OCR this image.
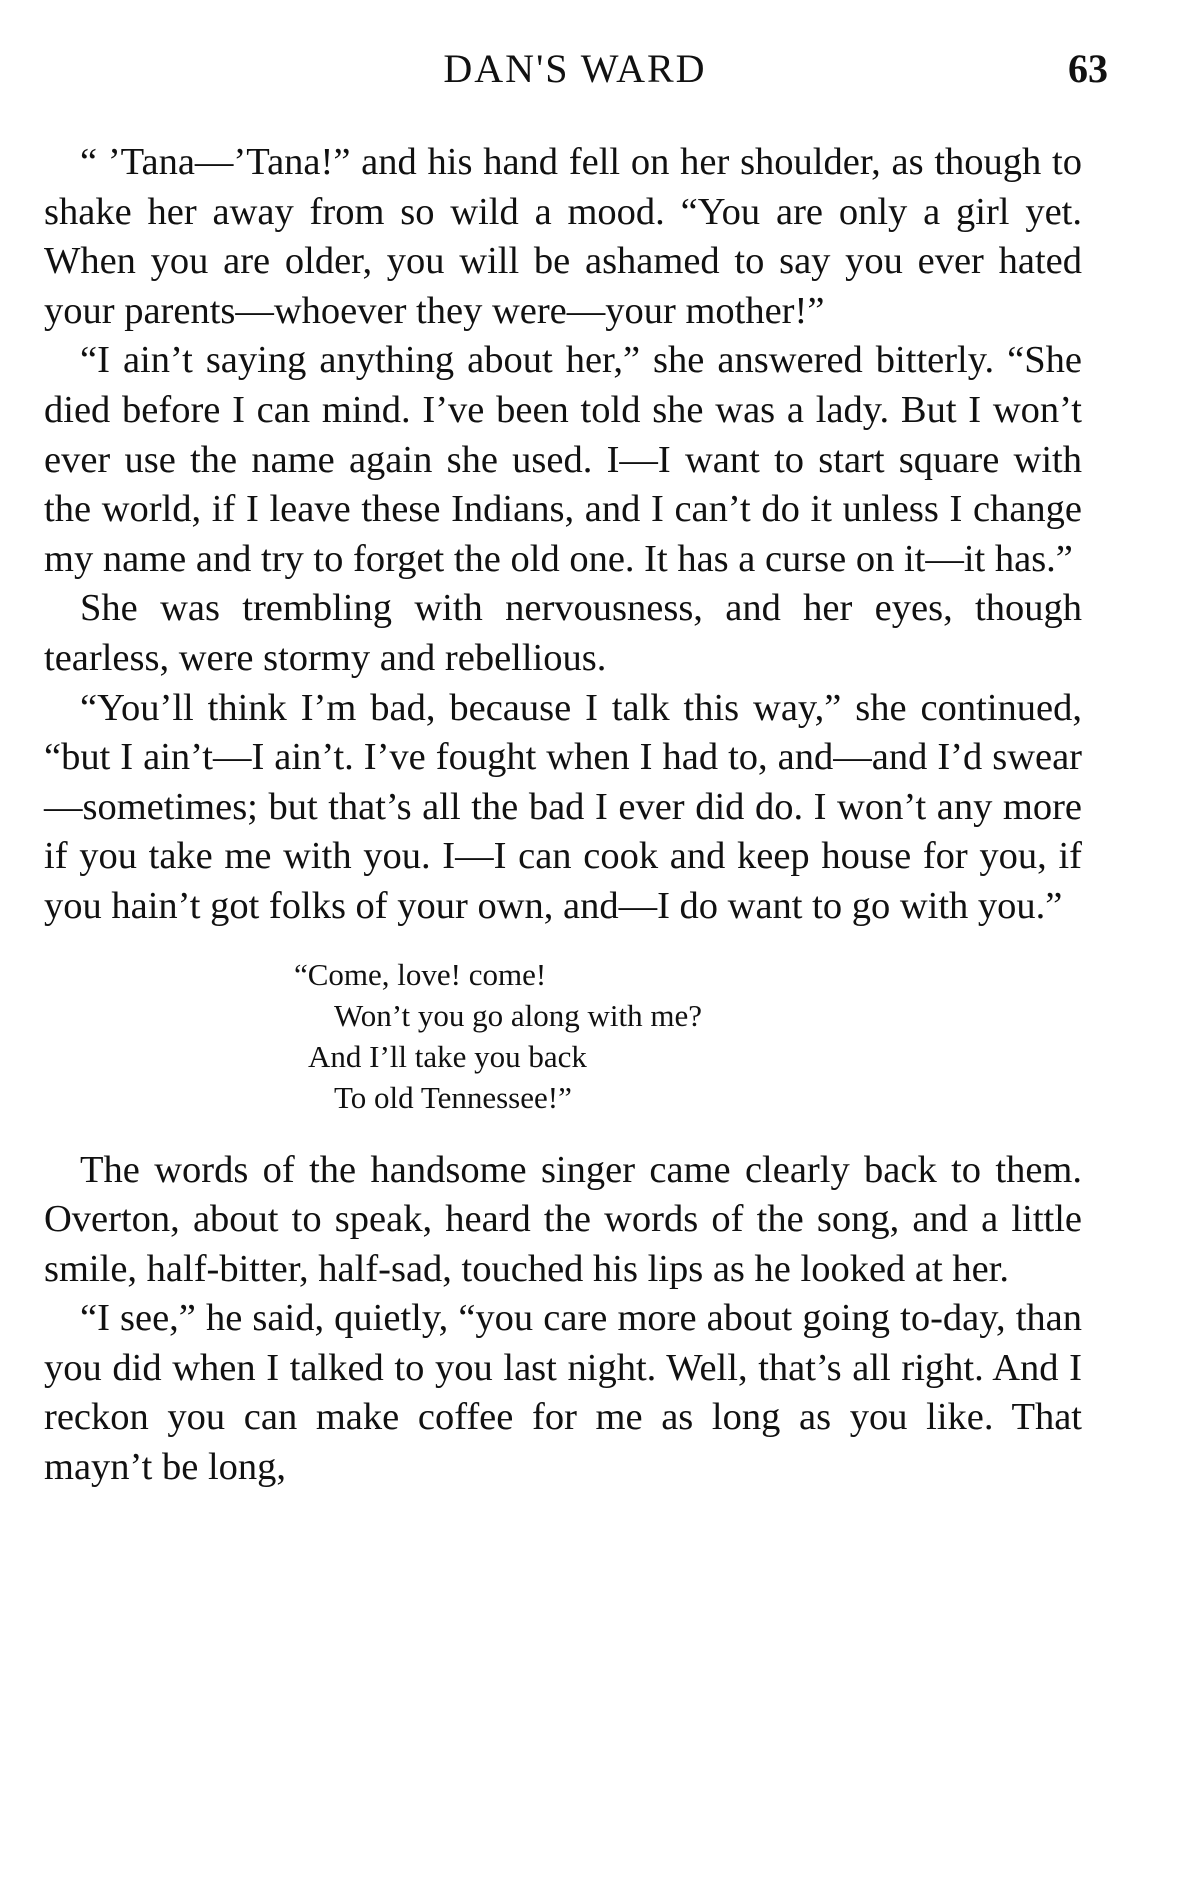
DAN'S WARD	63

“ ’Tana—’Tana!” and his hand fell on her shoulder, as though to shake her away from so wild a mood. “You are only a girl yet. When you are older, you will be ashamed to say you ever hated your parents—whoever they were—your mother!”

“I ain’t saying anything about her,” she answered bitterly. “She died before I can mind. I’ve been told she was a lady. But I won’t ever use the name again she used. I—I want to start square with the world, if I leave these Indians, and I can’t do it unless I change my name and try to forget the old one. It has a curse on it—it has.”

She was trembling with nervousness, and her eyes, though tearless, were stormy and rebellious.

“You’ll think I’m bad, because I talk this way,” she continued, “but I ain’t—I ain’t. I’ve fought when I had to, and—and I’d swear—sometimes; but that’s all the bad I ever did do. I won’t any more if you take me with you. I—I can cook and keep house for you, if you hain’t got folks of your own, and—I do want to go with you.”

“Come, love! come!
Won’t you go along with me?
And I’ll take you back
To old Tennessee!”

The words of the handsome singer came clearly back to them. Overton, about to speak, heard the words of the song, and a little smile, half-bitter, half-sad, touched his lips as he looked at her.

“I see,” he said, quietly, “you care more about going to-day, than you did when I talked to you last night. Well, that’s all right. And I reckon you can make coffee for me as long as you like. That mayn’t be long,
